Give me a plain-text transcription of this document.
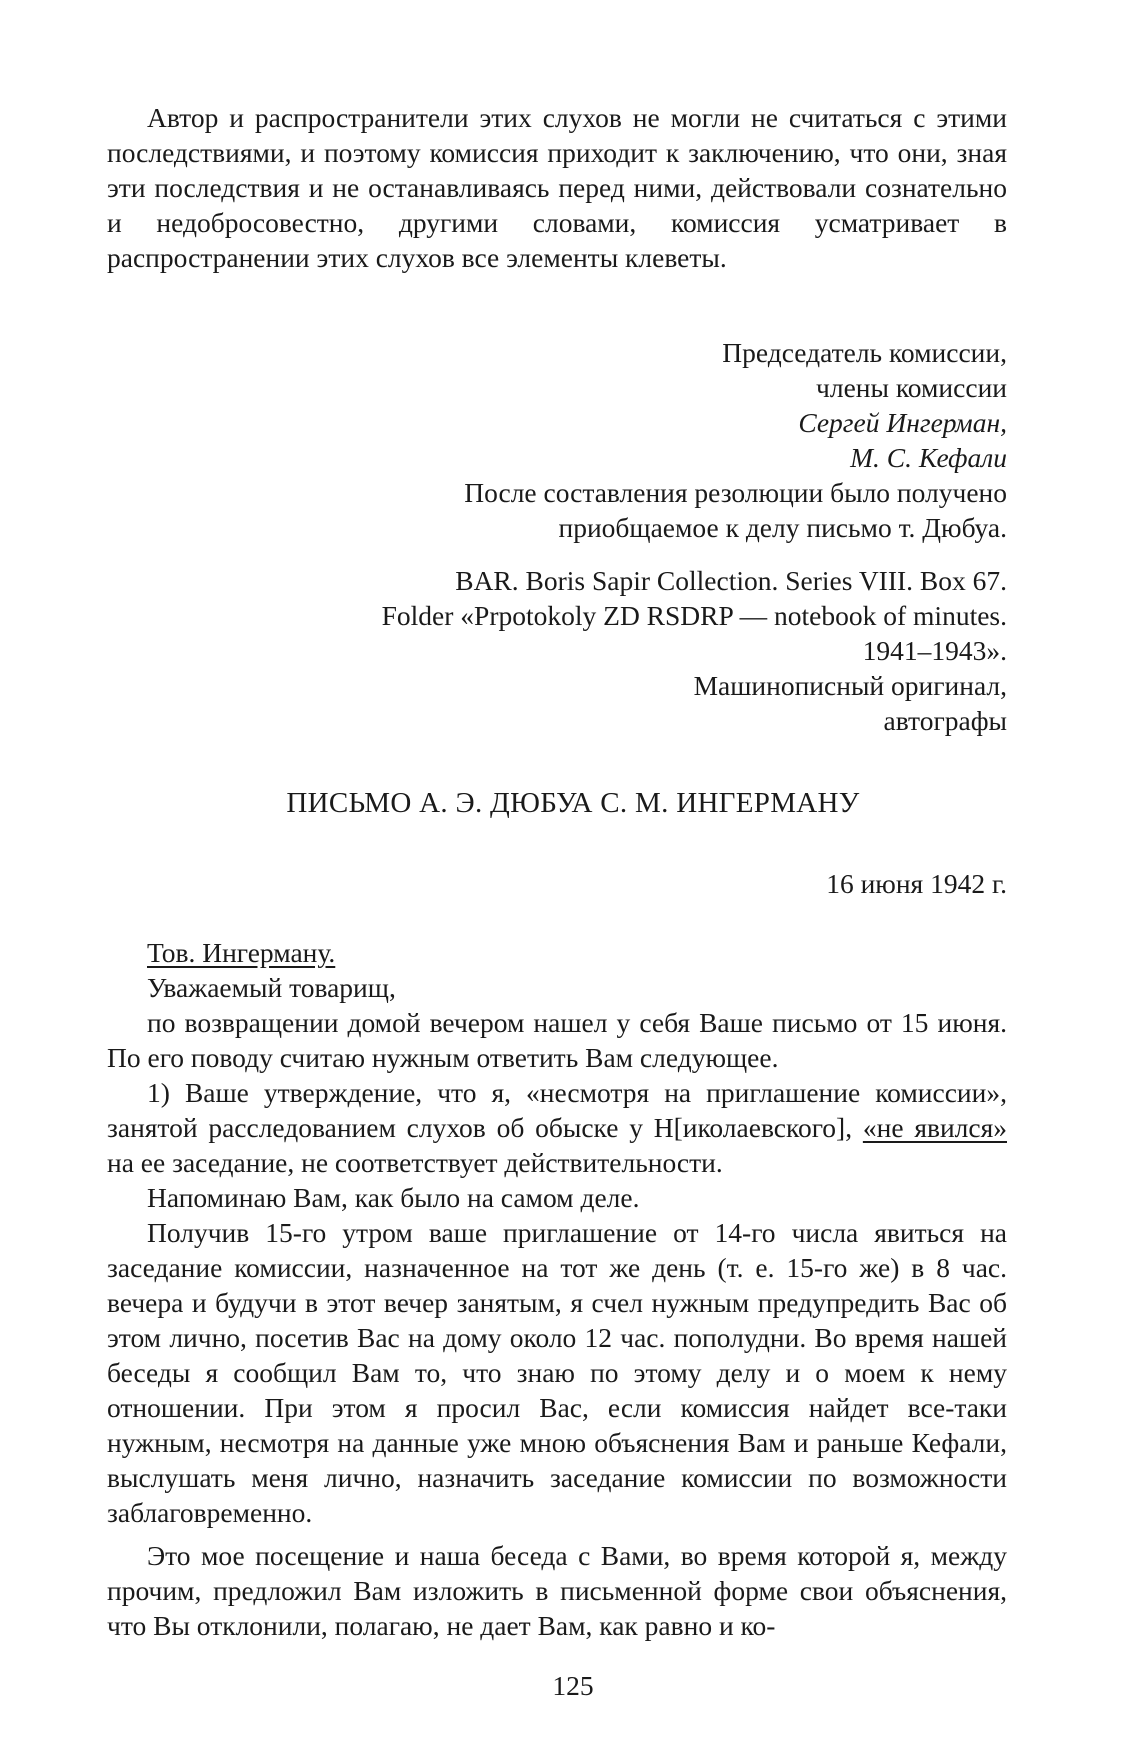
Автор и распространители этих слухов не могли не считаться с этими последствиями, и поэтому комиссия приходит к заключению, что они, зная эти последствия и не останавливаясь перед ними, действовали сознательно и недобросовестно, другими словами, комиссия усматривает в распространении этих слухов все элементы клеветы.

Председатель комиссии,
члены комиссии
Сергей Ингерман,
М. С. Кефали
После составления резолюции было получено
приобщаемое к делу письмо т. Дюбуа.
BAR. Boris Sapir Collection. Series VIII. Box 67.
Folder «Prpotokoly ZD RSDRP — notebook of minutes.
1941–1943».
Машинописный оригинал,
автографы
ПИСЬМО А. Э. ДЮБУА С. М. ИНГЕРМАНУ
16 июня 1942 г.

Тов. Ингерману.

Уважаемый товарищ,

по возвращении домой вечером нашел у себя Ваше письмо от 15 июня. По его поводу считаю нужным ответить Вам следующее.

1) Ваше утверждение, что я, «несмотря на приглашение комиссии», занятой расследованием слухов об обыске у Н[иколаевского], «не явился» на ее заседание, не соответствует действительности.

Напоминаю Вам, как было на самом деле.

Получив 15-го утром ваше приглашение от 14-го числа явиться на заседание комиссии, назначенное на тот же день (т. е. 15-го же) в 8 час. вечера и будучи в этот вечер занятым, я счел нужным предупредить Вас об этом лично, посетив Вас на дому около 12 час. пополудни. Во время нашей беседы я сообщил Вам то, что знаю по этому делу и о моем к нему отношении. При этом я просил Вас, если комиссия найдет все-таки нужным, несмотря на данные уже мною объяснения Вам и раньше Кефали, выслушать меня лично, назначить заседание комиссии по возможности заблаговременно.

Это мое посещение и наша беседа с Вами, во время которой я, между прочим, предложил Вам изложить в письменной форме свои объяснения, что Вы отклонили, полагаю, не дает Вам, как равно и ко-

125
